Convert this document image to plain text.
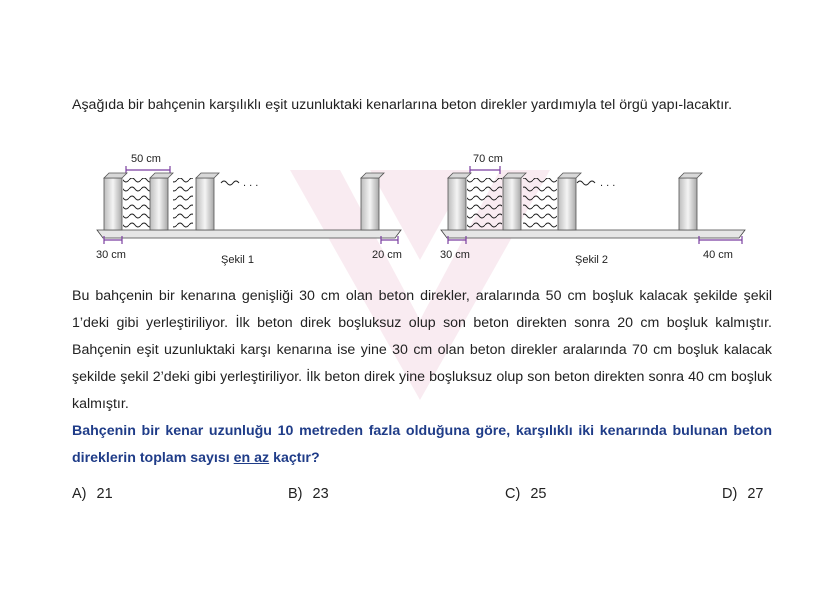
Aşağıda bir bahçenin karşılıklı eşit uzunluktaki kenarlarına beton direkler yardımıyla tel örgü yapı-lacaktır.

50 cm
. . .
30 cm	20 cm
Şekil 1
70 cm
. . .
30 cm	40 cm
Şekil 2

Bu bahçenin bir kenarına genişliği 30 cm olan beton direkler, aralarında 50 cm boşluk kalacak şekilde şekil 1’deki gibi yerleştiriliyor. İlk beton direk boşluksuz olup son beton direkten sonra 20 cm boşluk kalmıştır. Bahçenin eşit uzunluktaki karşı kenarına ise yine 30 cm olan beton direkler aralarında 70 cm boşluk kalacak şekilde şekil 2’deki gibi yerleştiriliyor. İlk beton direk yine boşluksuz olup son beton direkten sonra 40 cm boşluk kalmıştır.

Bahçenin bir kenar uzunluğu 10 metreden fazla olduğuna göre, karşılıklı iki kenarında bulunan beton direklerin toplam sayısı en az kaçtır?

A) 21	B) 23	C) 25	D) 27
